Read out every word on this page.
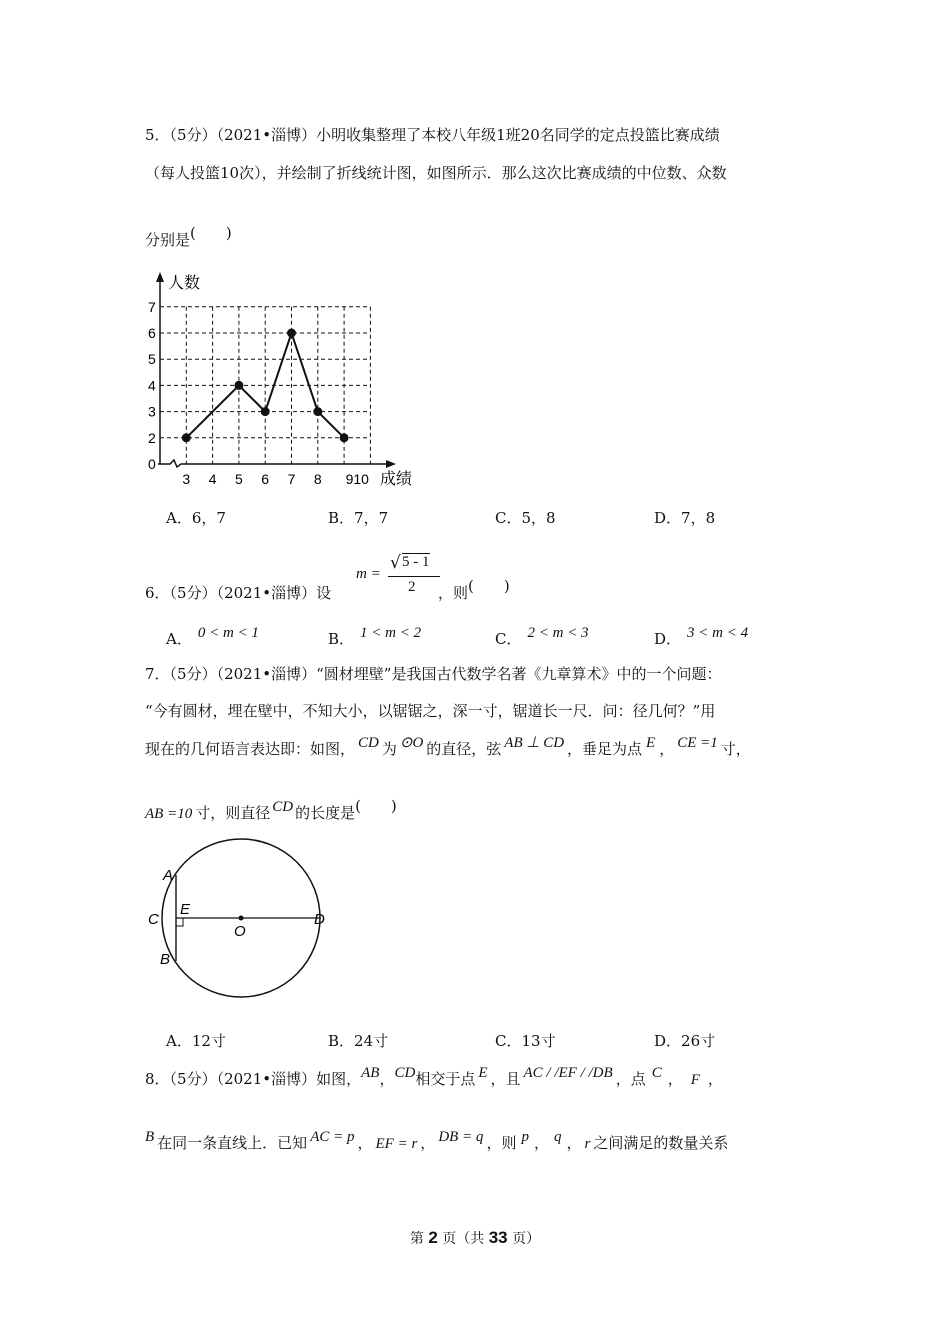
5．（5分）（2021•淄博）小明收集整理了本校八年级1班20名同学的定点投篮比赛成绩
（每人投篮10次），并绘制了折线统计图，如图所示．那么这次比赛成绩的中位数、众数
分别是(　　)
0
2
3
4
5
6
7
3 4 5 6 7 8 910
人数
成绩
A．6，7	B．7，7	C．5，8	D．7，8
6．（5分）（2021•淄博）设
m =
√ 5 - 1
2 ，则(　　)
A． 0 < m < 1	B． 1 < m < 2	C． 2 < m < 3	D． 3 < m < 4
7．（5分）（2021•淄博）“圆材埋壁”是我国古代数学名著《九章算术》中的一个问题：
“今有圆材，埋在壁中，不知大小，以锯锯之，深一寸，锯道长一尺．问：径几何？”用
现在的几何语言表达即：如图， CD 为 ⊙O 的直径，弦 AB ⊥ CD ，垂足为点 E ， CE =1 寸，
AB =10 寸，则直径 CD 的长度是(　　)
A
C
B
E
O
D
A．12寸	B．24寸	C．13寸	D．26寸
8．（5分）（2021•淄博）如图，AB，CD相交于点 E ，且 AC / /EF / /DB ，点 C ， F ，
B 在同一条直线上．已知 AC = p ， EF = r ， DB = q ，则 p ， q ， r 之间满足的数量关系
第 2 页（共 33 页）
